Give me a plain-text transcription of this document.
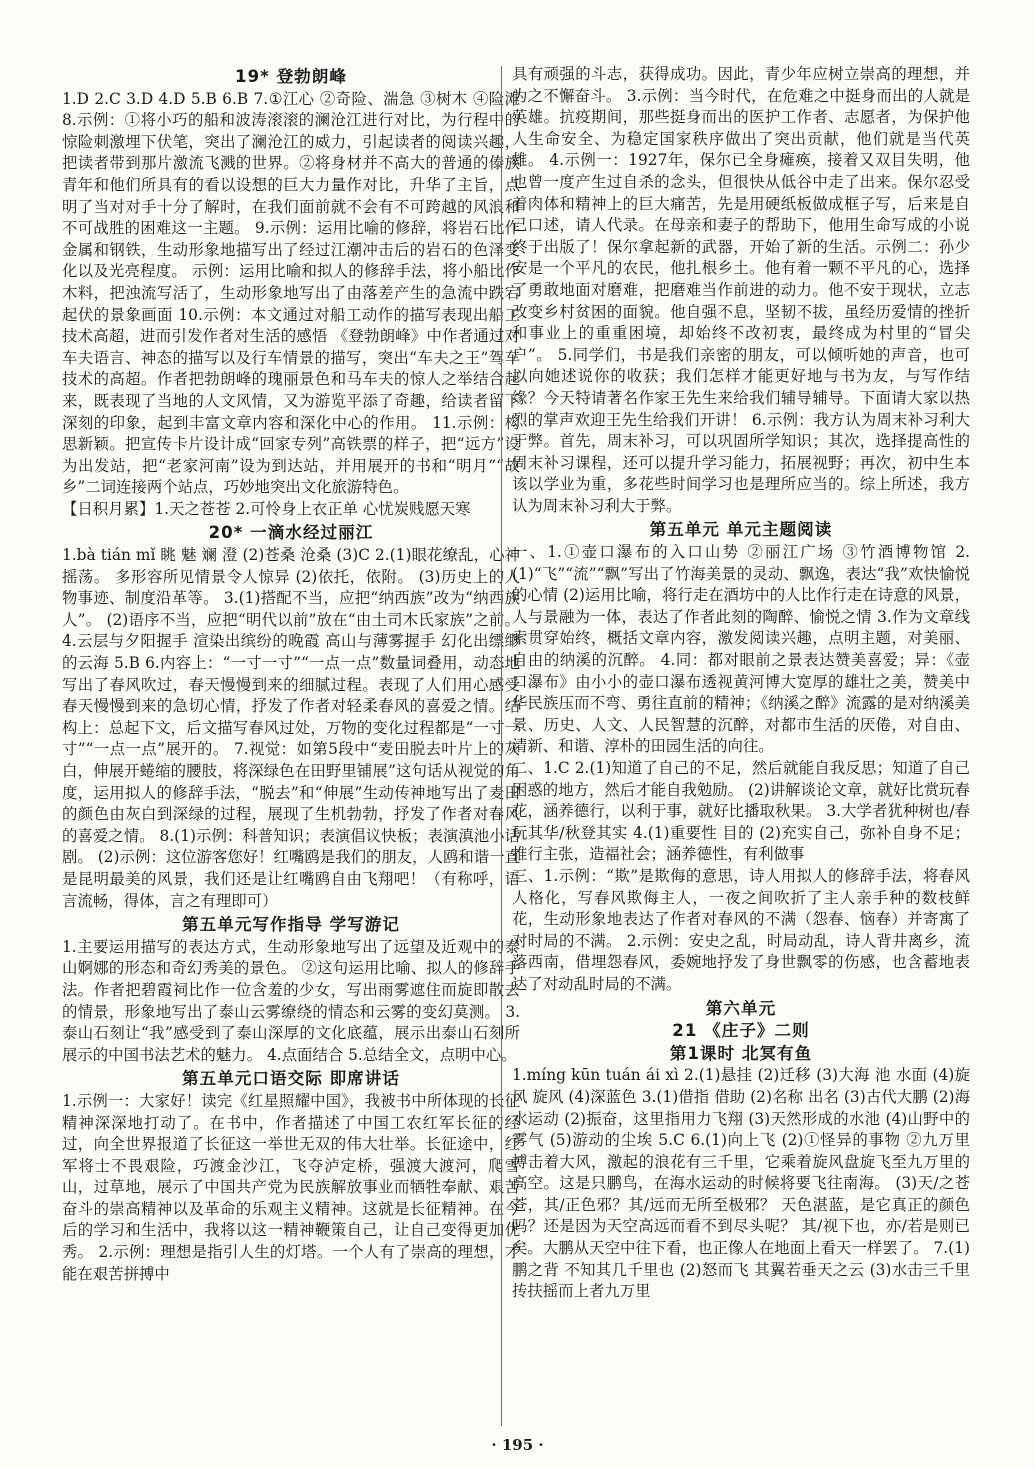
19* 登勃朗峰

1.D 2.C 3.D 4.D 5.B 6.B 7.①江心 ②奇险、湍急 ③树木 ④险滩 8.示例：①将小巧的船和波涛滚滚的澜沧江进行对比，为行程中的惊险刺激埋下伏笔，突出了澜沧江的威力，引起读者的阅读兴趣，把读者带到那片激流飞溅的世界。②将身材并不高大的普通的傣族青年和他们所具有的看以设想的巨大力量作对比，升华了主旨，点明了当对对手十分了解时，在我们面前就不会有不可跨越的风浪和不可战胜的困难这一主题。 9.示例：运用比喻的修辞，将岩石比作金属和钢铁，生动形象地描写出了经过江潮冲击后的岩石的色泽变化以及光亮程度。 示例：运用比喻和拟人的修辞手法，将小船比作木料，把浊流写活了，生动形象地写出了由落差产生的急流中跌宕起伏的景象画面 10.示例：本文通过对船工动作的描写表现出船工技术高超，进而引发作者对生活的感悟 《登勃朗峰》中作者通过对车夫语言、神态的描写以及行车情景的描写，突出“车夫之王”驾车技术的高超。作者把勃朗峰的瑰丽景色和马车夫的惊人之举结合起来，既表现了当地的人文风情，又为游览平添了奇趣，给读者留下深刻的印象，起到丰富文章内容和深化中心的作用。 11.示例：构思新颖。把宣传卡片设计成“回家专列”高铁票的样子，把“远方”设为出发站，把“老家河南”设为到达站，并用展开的书和“明月”“故乡”二词连接两个站点，巧妙地突出文化旅游特色。

【日积月累】1.天之苍苍 2.可怜身上衣正单 心忧炭贱愿天寒

20* 一滴水经过丽江

1.bà tián mǐ 眺 魅 斓 澄 (2)苍桑 沧桑 (3)C 2.(1)眼花缭乱，心神摇荡。 多形容所见情景令人惊异 (2)依托，依附。 (3)历史上的人物事迹、制度沿革等。 3.(1)搭配不当，应把“纳西族”改为“纳西族人”。 (2)语序不当，应把“明代以前”放在“由土司木氏家族”之前。 4.云层与夕阳握手 渲染出缤纷的晚霞 高山与薄雾握手 幻化出缥缈的云海 5.B 6.内容上：“一寸一寸”“一点一点”数量词叠用，动态地写出了春风吹过，春天慢慢到来的细腻过程。表现了人们用心感受春天慢慢到来的急切心情，抒发了作者对轻柔春风的喜爱之情。结构上：总起下文，后文描写春风过处，万物的变化过程都是“一寸一寸”“一点一点”展开的。 7.视觉：如第5段中“麦田脱去叶片上的灰白，伸展开蜷缩的腰肢，将深绿色在田野里铺展”这句话从视觉的角度，运用拟人的修辞手法，“脱去”和“伸展”生动传神地写出了麦田的颜色由灰白到深绿的过程，展现了生机勃勃，抒发了作者对春风的喜爱之情。 8.(1)示例：科普知识；表演倡议快板；表演滇池小话剧。 (2)示例：这位游客您好！红嘴鸥是我们的朋友，人鸥和谐一直是昆明最美的风景，我们还是让红嘴鸥自由飞翔吧！（有称呼，语言流畅，得体，言之有理即可）

第五单元写作指导 学写游记

1.主要运用描写的表达方式，生动形象地写出了远望及近观中的泰山婀娜的形态和奇幻秀美的景色。 ②这句运用比喻、拟人的修辞手法。作者把碧霞祠比作一位含羞的少女，写出雨雾遮住而旋即散去的情景，形象地写出了泰山云雾缭绕的情态和云雾的变幻莫测。 3.泰山石刻让“我”感受到了泰山深厚的文化底蕴，展示出泰山石刻所展示的中国书法艺术的魅力。 4.点面结合 5.总结全文，点明中心。

第五单元口语交际 即席讲话

1.示例一：大家好！读完《红星照耀中国》，我被书中所体现的长征精神深深地打动了。在书中，作者描述了中国工农红军长征的经过，向全世界报道了长征这一举世无双的伟大壮举。长征途中，红军将士不畏艰险，巧渡金沙江，飞夺泸定桥，强渡大渡河，爬雪山，过草地，展示了中国共产党为民族解放事业而牺牲奉献、艰苦奋斗的崇高精神以及革命的乐观主义精神。这就是长征精神。在今后的学习和生活中，我将以这一精神鞭策自己，让自己变得更加优秀。 2.示例：理想是指引人生的灯塔。一个人有了崇高的理想，才能在艰苦拼搏中

具有顽强的斗志，获得成功。因此，青少年应树立崇高的理想，并为之不懈奋斗。 3.示例：当今时代，在危难之中挺身而出的人就是英雄。抗疫期间，那些挺身而出的医护工作者、志愿者，为保护他人生命安全、为稳定国家秩序做出了突出贡献，他们就是当代英雄。 4.示例一：1927年，保尔已全身瘫痪，接着又双目失明，他也曾一度产生过自杀的念头，但很快从低谷中走了出来。保尔忍受着肉体和精神上的巨大痛苦，先是用硬纸板做成框子写，后来是自己口述，请人代录。在母亲和妻子的帮助下，他用生命写成的小说终于出版了！保尔拿起新的武器，开始了新的生活。示例二：孙少安是一个平凡的农民，他扎根乡土。他有着一颗不平凡的心，选择了勇敢地面对磨难，把磨难当作前进的动力。他不安于现状，立志改变乡村贫困的面貌。他自强不息，坚韧不拔，虽经历爱情的挫折和事业上的重重困境，却始终不改初衷，最终成为村里的“冒尖户”。 5.同学们，书是我们亲密的朋友，可以倾听她的声音，也可以向她述说你的收获；我们怎样才能更好地与书为友，与写作结缘？今天特请著名作家王先生来给我们辅导辅导。下面请大家以热烈的掌声欢迎王先生给我们开讲！ 6.示例：我方认为周末补习利大于弊。首先，周末补习，可以巩固所学知识；其次，选择提高性的周末补习课程，还可以提升学习能力，拓展视野；再次，初中生本该以学业为重，多花些时间学习也是理所应当的。综上所述，我方认为周末补习利大于弊。

第五单元 单元主题阅读

一、1.①壶口瀑布的入口山势 ②丽江广场 ③竹酒博物馆 2.(1)“飞”“流”“飘”写出了竹海美景的灵动、飘逸，表达“我”欢快愉悦的心情 (2)运用比喻，将行走在酒坊中的人比作行走在诗意的风景，人与景融为一体，表达了作者此刻的陶醉、愉悦之情 3.作为文章线索贯穿始终，概括文章内容，激发阅读兴趣，点明主题，对美丽、自由的纳溪的沉醉。 4.同：都对眼前之景表达赞美喜爱；异：《壶口瀑布》由小小的壶口瀑布透视黄河博大宽厚的雄壮之美，赞美中华民族压而不弯、勇往直前的精神；《纳溪之醉》流露的是对纳溪美景、历史、人文、人民智慧的沉醉，对都市生活的厌倦，对自由、清新、和谐、淳朴的田园生活的向往。

二、1.C 2.(1)知道了自己的不足，然后就能自我反思；知道了自己困惑的地方，然后才能自我勉励。 (2)讲解谈论文章，就好比赏玩春花，涵养德行，以利于事，就好比播取秋果。 3.大学者犹种树也/春玩其华/秋登其实 4.(1)重要性 目的 (2)充实自己，弥补自身不足；推行主张，造福社会；涵养德性，有利做事

三、1.示例：“欺”是欺侮的意思，诗人用拟人的修辞手法，将春风人格化，写春风欺侮主人，一夜之间吹折了主人亲手种的数枝鲜花，生动形象地表达了作者对春风的不满（怨春、恼春）并寄寓了对时局的不满。 2.示例：安史之乱，时局动乱，诗人背井离乡，流落西南，借埋怨春风，委婉地抒发了身世飘零的伤感，也含蓄地表达了对动乱时局的不满。

第六单元
21 《庄子》二则
第1课时 北冥有鱼

1.míng kūn tuán ái xì 2.(1)悬挂 (2)迁移 (3)大海 池 水面 (4)旋风 旋风 (4)深蓝色 3.(1)借指 借助 (2)名称 出名 (3)古代大鹏 (2)海水运动 (2)振奋，这里指用力飞翔 (3)天然形成的水池 (4)山野中的雾气 (5)游动的尘埃 5.C 6.(1)向上飞 (2)①怪异的事物 ②九万里 搏击着大风，激起的浪花有三千里，它乘着旋风盘旋飞至九万里的高空。这是只鹏鸟，在海水运动的时候将要飞往南海。 (3)天/之苍苍，其/正色邪？其/远而无所至极邪？ 天色湛蓝，是它真正的颜色吗？还是因为天空高远而看不到尽头呢？ 其/视下也，亦/若是则已矣。大鹏从天空中往下看，也正像人在地面上看天一样罢了。 7.(1)鹏之背 不知其几千里也 (2)怒而飞 其翼若垂天之云 (3)水击三千里 抟扶摇而上者九万里

· 195 ·
